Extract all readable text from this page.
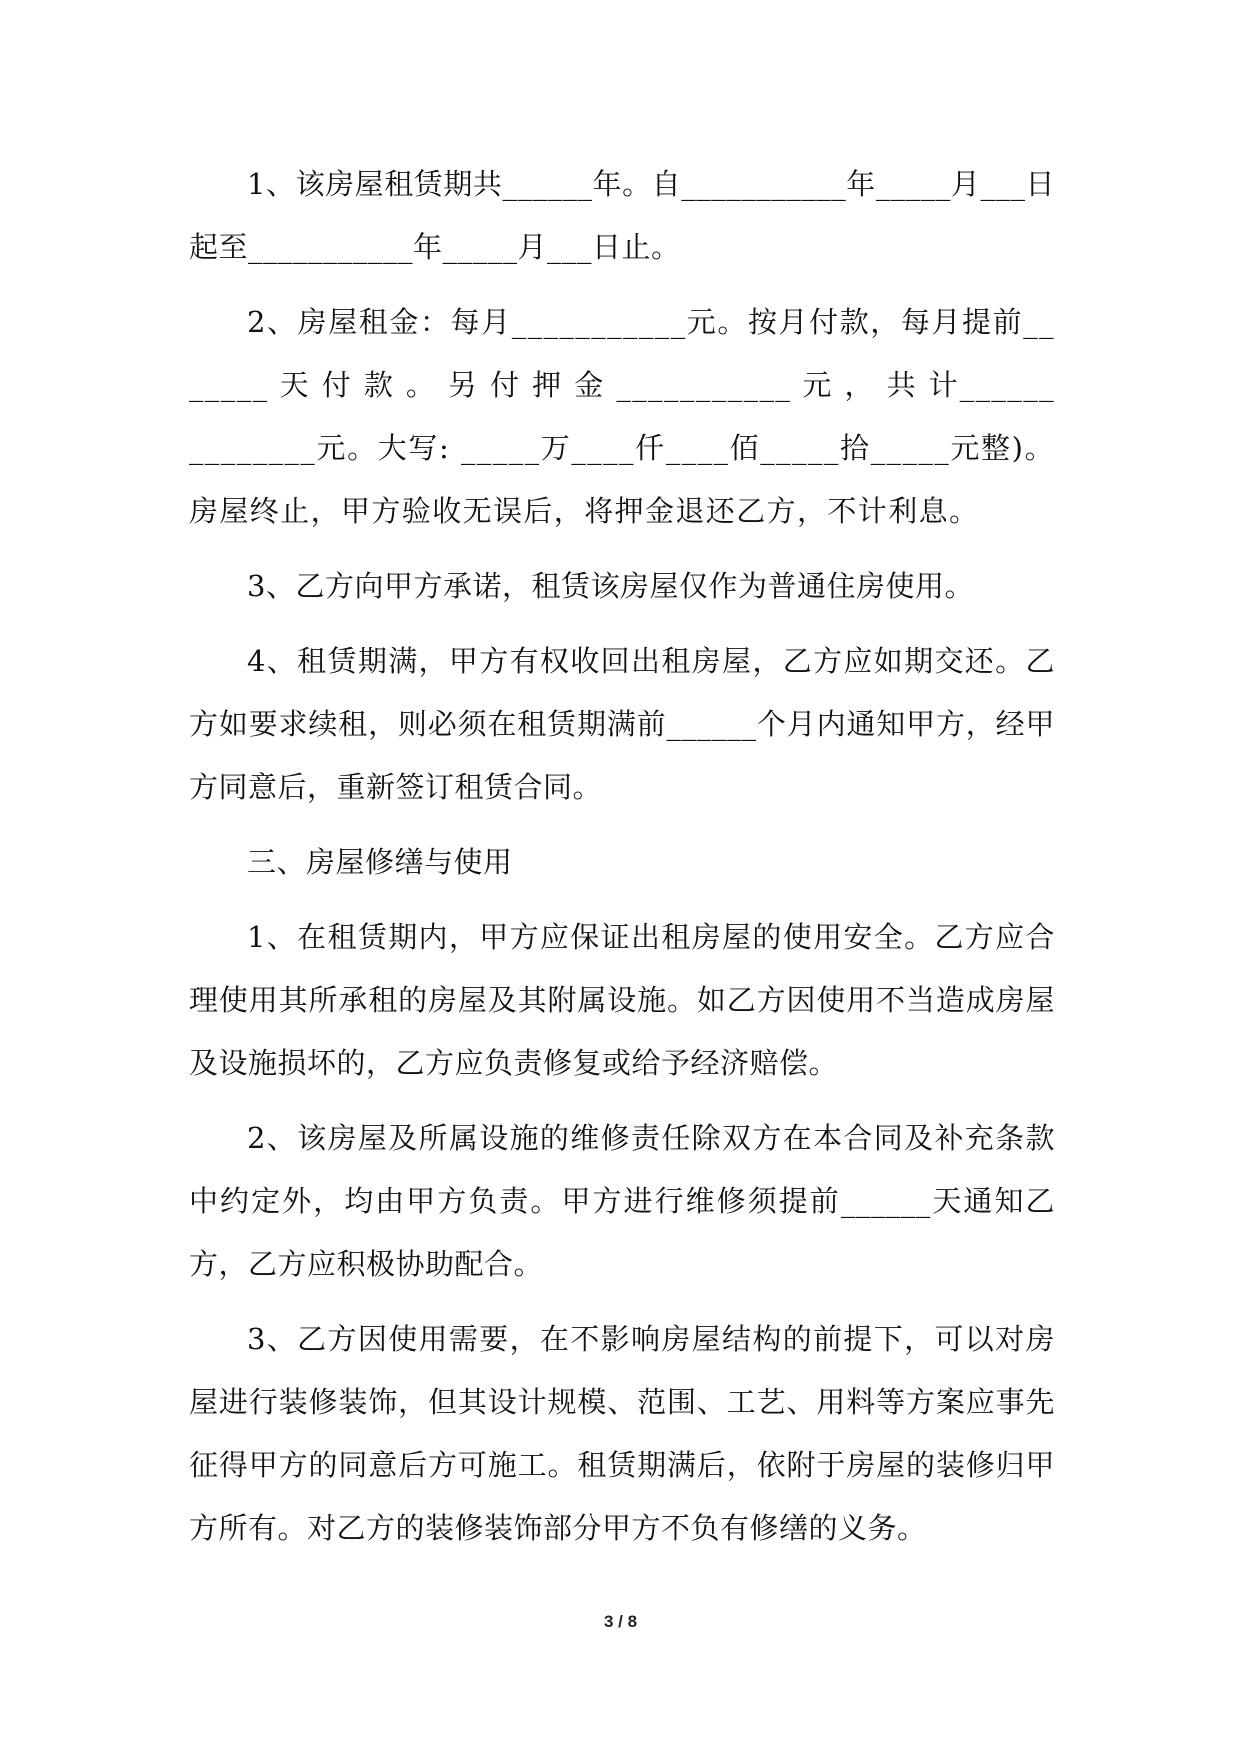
1、该房屋租赁期共______年。自___________年_____月___日起至___________年_____月___日止。

2、房屋租金：每月___________元。按月付款，每月提前_______ 天 付 款 。 另 付 押 金 ___________ 元 ， 共 计______________元。大写: _____万____仟____佰_____拾_____元整)。房屋终止，甲方验收无误后，将押金退还乙方，不计利息。

3、乙方向甲方承诺，租赁该房屋仅作为普通住房使用。

4、租赁期满，甲方有权收回出租房屋，乙方应如期交还。乙方如要求续租，则必须在租赁期满前______个月内通知甲方，经甲方同意后，重新签订租赁合同。

三、房屋修缮与使用

1、在租赁期内，甲方应保证出租房屋的使用安全。乙方应合理使用其所承租的房屋及其附属设施。如乙方因使用不当造成房屋及设施损坏的，乙方应负责修复或给予经济赔偿。

2、该房屋及所属设施的维修责任除双方在本合同及补充条款中约定外，均由甲方负责。甲方进行维修须提前______天通知乙方，乙方应积极协助配合。

3、乙方因使用需要，在不影响房屋结构的前提下，可以对房屋进行装修装饰，但其设计规模、范围、工艺、用料等方案应事先征得甲方的同意后方可施工。租赁期满后，依附于房屋的装修归甲方所有。对乙方的装修装饰部分甲方不负有修缮的义务。

3 / 8
